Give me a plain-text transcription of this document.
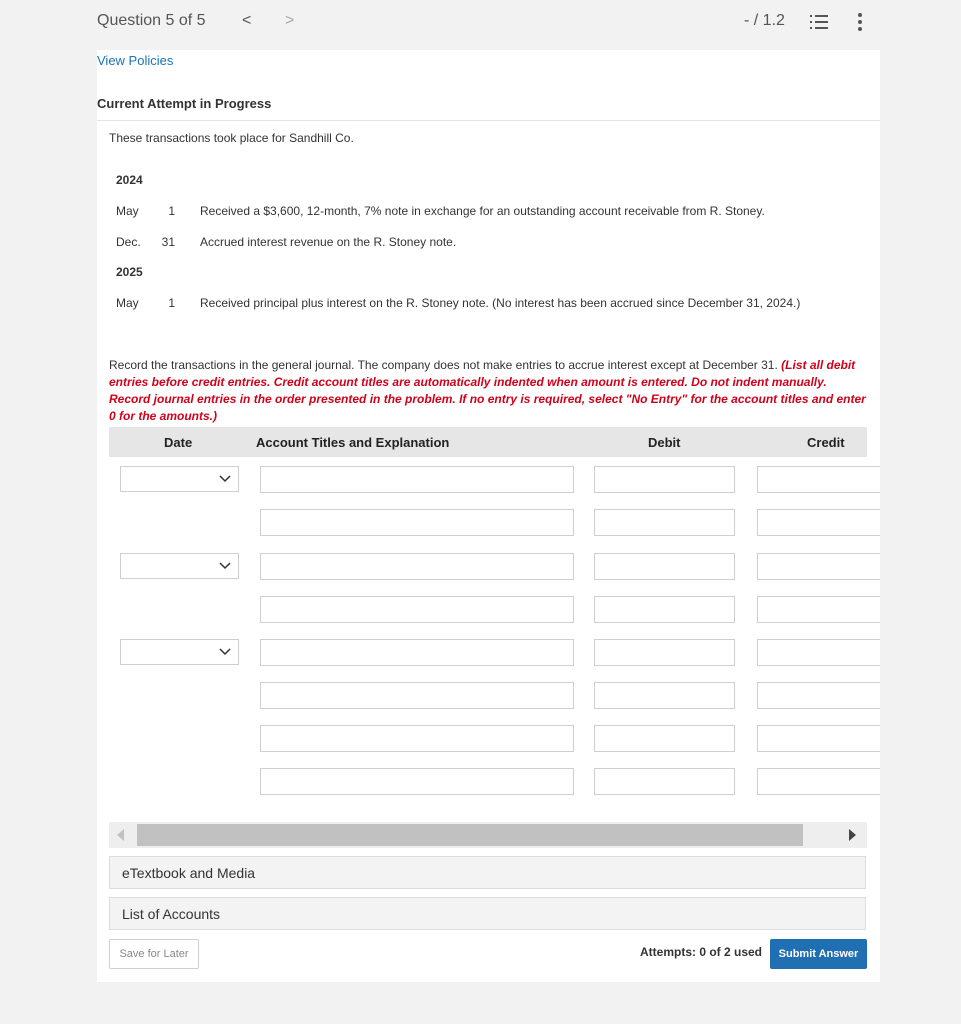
Question 5 of 5 < >	- / 1.2
View Policies
Current Attempt in Progress
These transactions took place for Sandhill Co.
2024
May	1 Received a $3,600, 12-month, 7% note in exchange for an outstanding account receivable from R. Stoney.
Dec.	31 Accrued interest revenue on the R. Stoney note.
2025
May	1 Received principal plus interest on the R. Stoney note. (No interest has been accrued since December 31, 2024.)
Record the transactions in the general journal. The company does not make entries to accrue interest except at December 31. (List all debit entries before credit entries. Credit account titles are automatically indented when amount is entered. Do not indent manually. Record journal entries in the order presented in the problem. If no entry is required, select "No Entry" for the account titles and enter 0 for the amounts.)
Date	Account Titles and Explanation	Debit	Credit
eTextbook and Media
List of Accounts
Save for Later	Attempts: 0 of 2 used	Submit Answer
